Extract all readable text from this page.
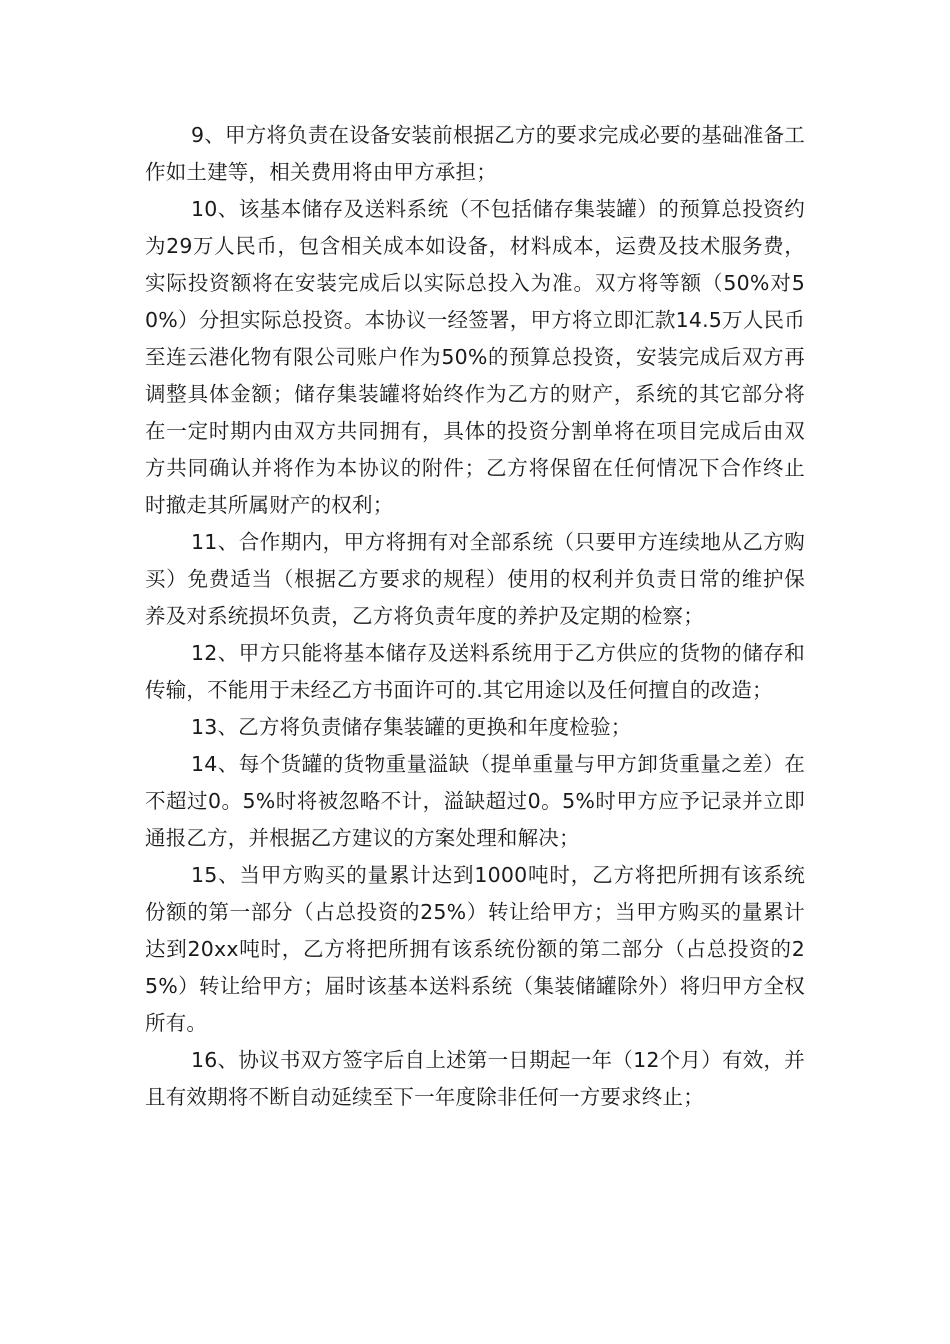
9、甲方将负责在设备安装前根据乙方的要求完成必要的基础准备工作如土建等，相关费用将由甲方承担；

10、该基本储存及送料系统（不包括储存集装罐）的预算总投资约为29万人民币，包含相关成本如设备，材料成本，运费及技术服务费，实际投资额将在安装完成后以实际总投入为准。双方将等额（50%对50%）分担实际总投资。本协议一经签署，甲方将立即汇款14.5万人民币至连云港化物有限公司账户作为50%的预算总投资，安装完成后双方再调整具体金额；储存集装罐将始终作为乙方的财产，系统的其它部分将在一定时期内由双方共同拥有，具体的投资分割单将在项目完成后由双方共同确认并将作为本协议的附件；乙方将保留在任何情况下合作终止时撤走其所属财产的权利；

11、合作期内，甲方将拥有对全部系统（只要甲方连续地从乙方购买）免费适当（根据乙方要求的规程）使用的权利并负责日常的维护保养及对系统损坏负责，乙方将负责年度的养护及定期的检察；

12、甲方只能将基本储存及送料系统用于乙方供应的货物的储存和传输，不能用于未经乙方书面许可的.其它用途以及任何擅自的改造；

13、乙方将负责储存集装罐的更换和年度检验；

14、每个货罐的货物重量溢缺（提单重量与甲方卸货重量之差）在不超过0。5%时将被忽略不计，溢缺超过0。5%时甲方应予记录并立即通报乙方，并根据乙方建议的方案处理和解决；

15、当甲方购买的量累计达到1000吨时，乙方将把所拥有该系统份额的第一部分（占总投资的25%）转让给甲方；当甲方购买的量累计达到20xx吨时，乙方将把所拥有该系统份额的第二部分（占总投资的25%）转让给甲方；届时该基本送料系统（集装储罐除外）将归甲方全权所有。

16、协议书双方签字后自上述第一日期起一年（12个月）有效，并且有效期将不断自动延续至下一年度除非任何一方要求终止；
